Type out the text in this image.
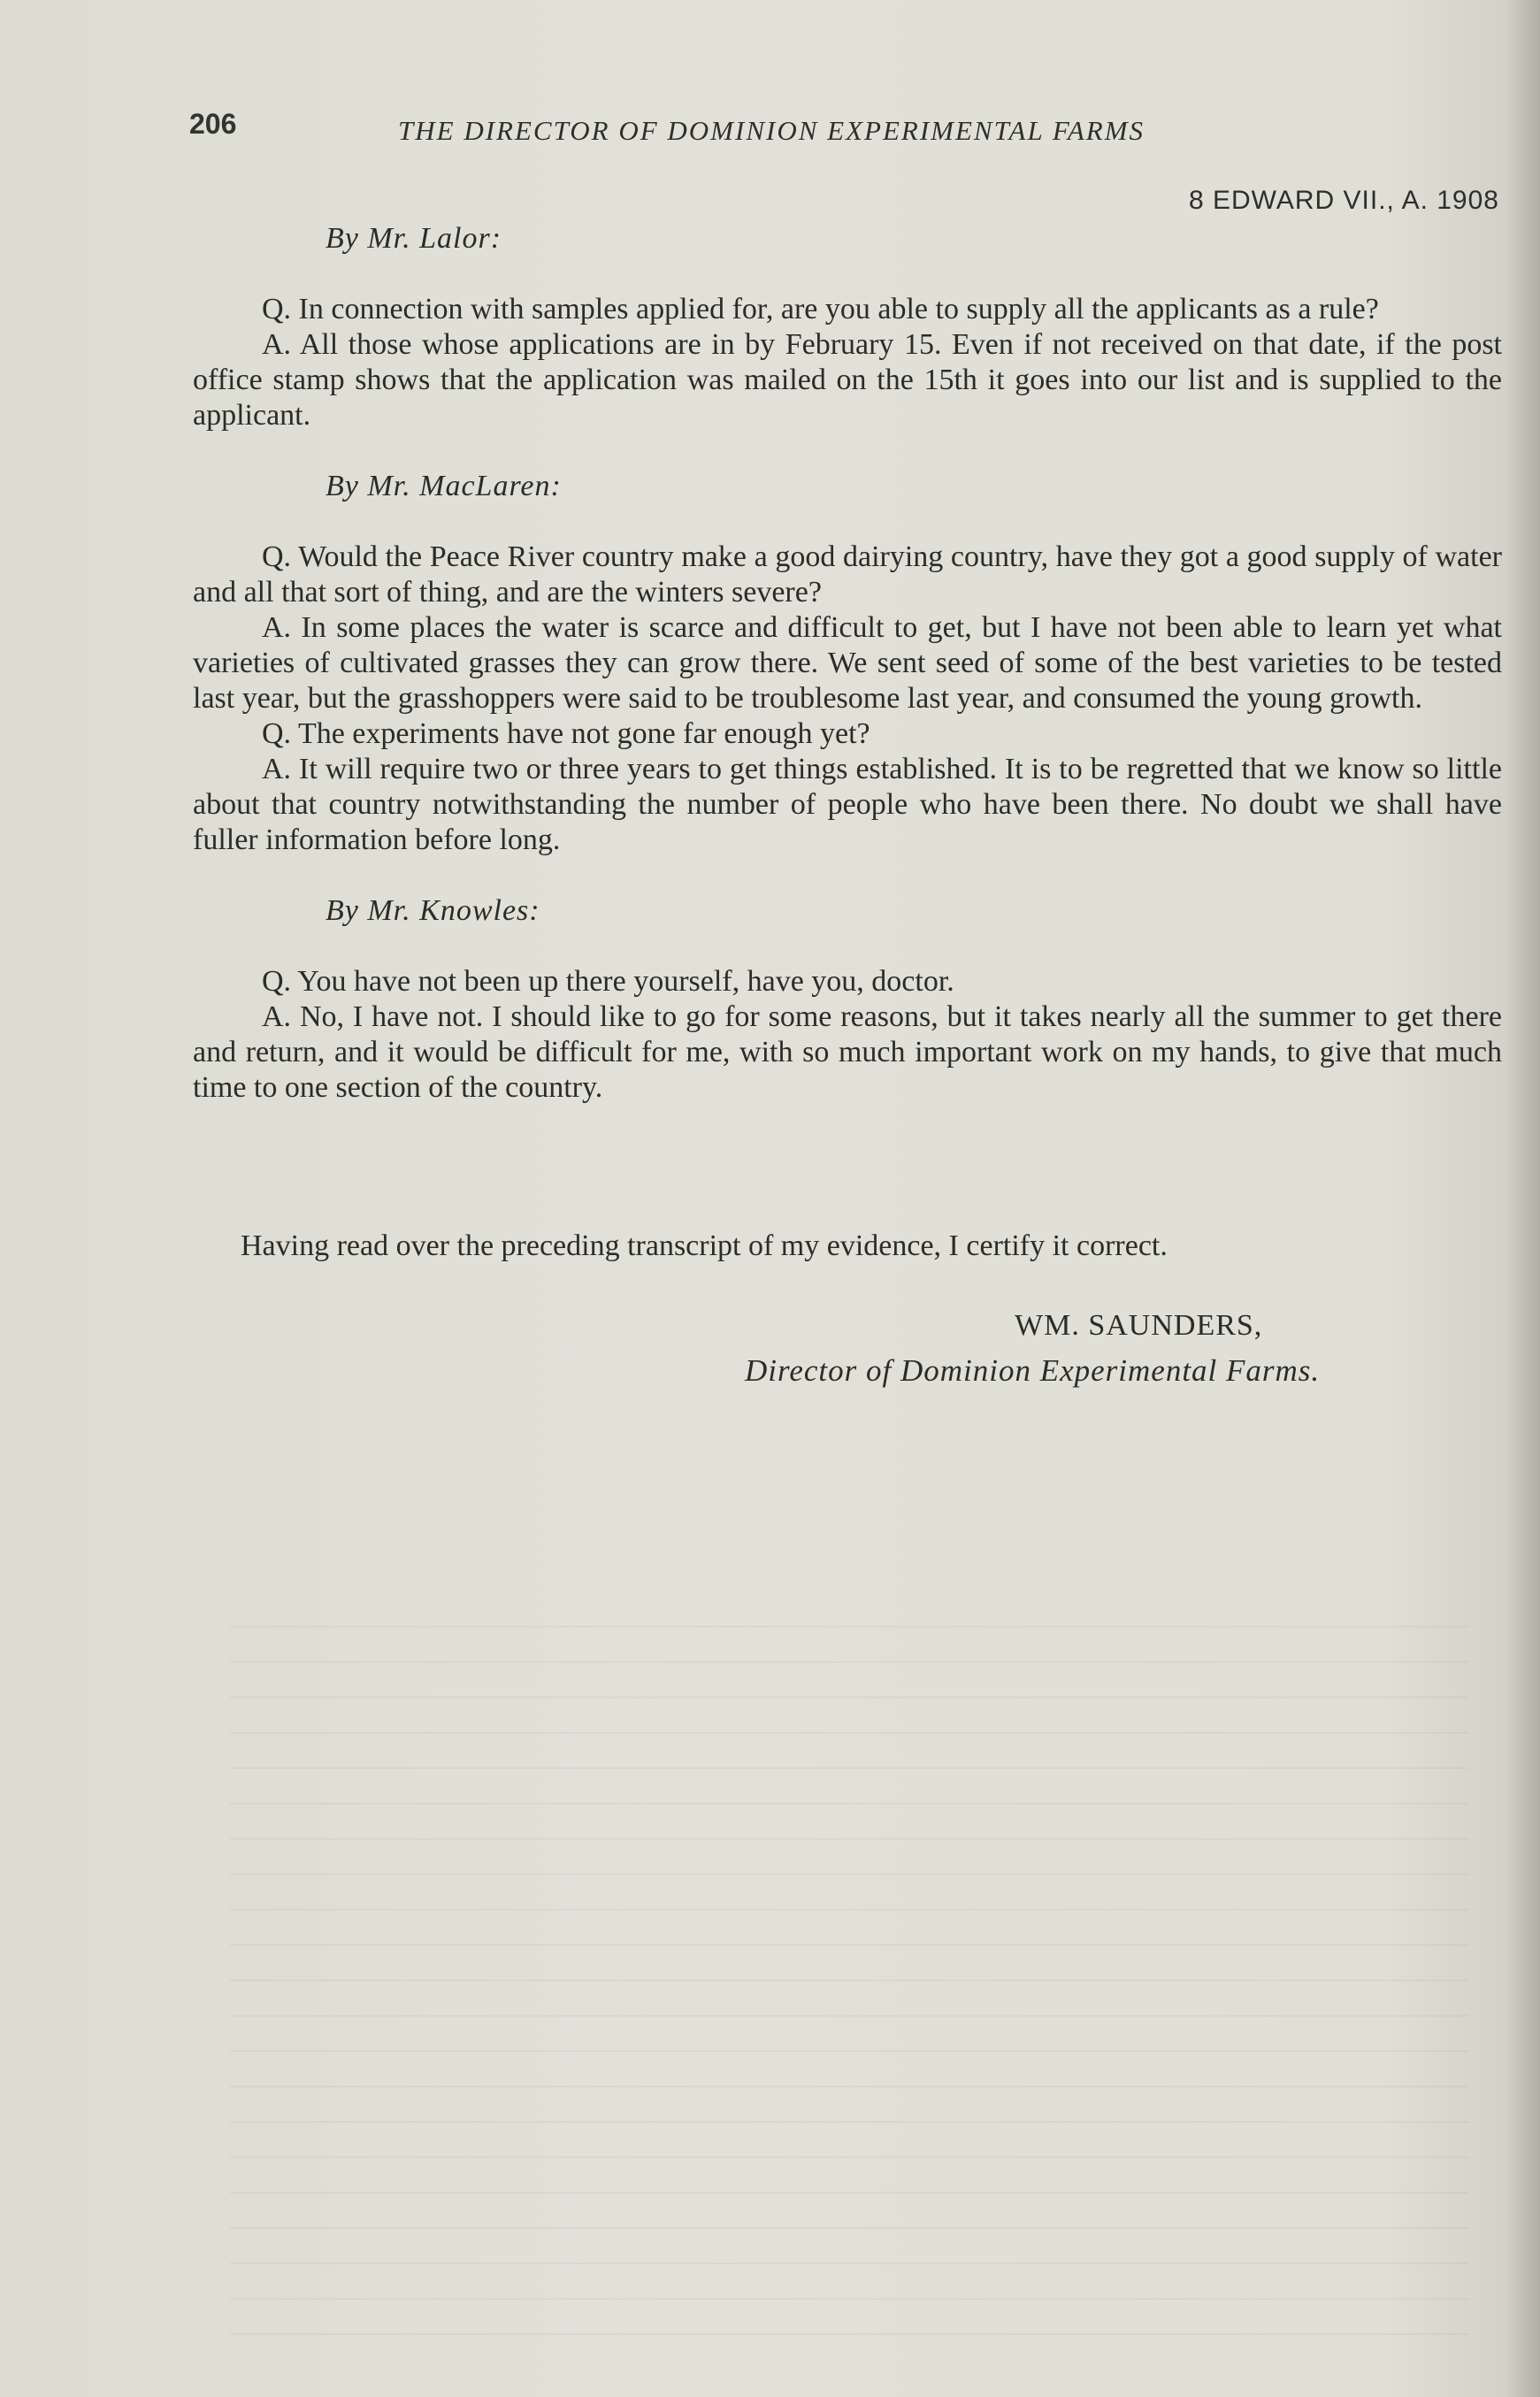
206	THE DIRECTOR OF DOMINION EXPERIMENTAL FARMS
8 EDWARD VII., A. 1908

By Mr. Lalor:

Q. In connection with samples applied for, are you able to supply all the applicants as a rule?

A. All those whose applications are in by February 15. Even if not received on that date, if the post office stamp shows that the application was mailed on the 15th it goes into our list and is supplied to the applicant.

By Mr. MacLaren:

Q. Would the Peace River country make a good dairying country, have they got a good supply of water and all that sort of thing, and are the winters severe?

A. In some places the water is scarce and difficult to get, but I have not been able to learn yet what varieties of cultivated grasses they can grow there. We sent seed of some of the best varieties to be tested last year, but the grasshoppers were said to be troublesome last year, and consumed the young growth.

Q. The experiments have not gone far enough yet?

A. It will require two or three years to get things established. It is to be regretted that we know so little about that country notwithstanding the number of people who have been there. No doubt we shall have fuller information before long.

By Mr. Knowles:

Q. You have not been up there yourself, have you, doctor.

A. No, I have not. I should like to go for some reasons, but it takes nearly all the summer to get there and return, and it would be difficult for me, with so much important work on my hands, to give that much time to one section of the country.

Having read over the preceding transcript of my evidence, I certify it correct.
WM. SAUNDERS,
Director of Dominion Experimental Farms.
